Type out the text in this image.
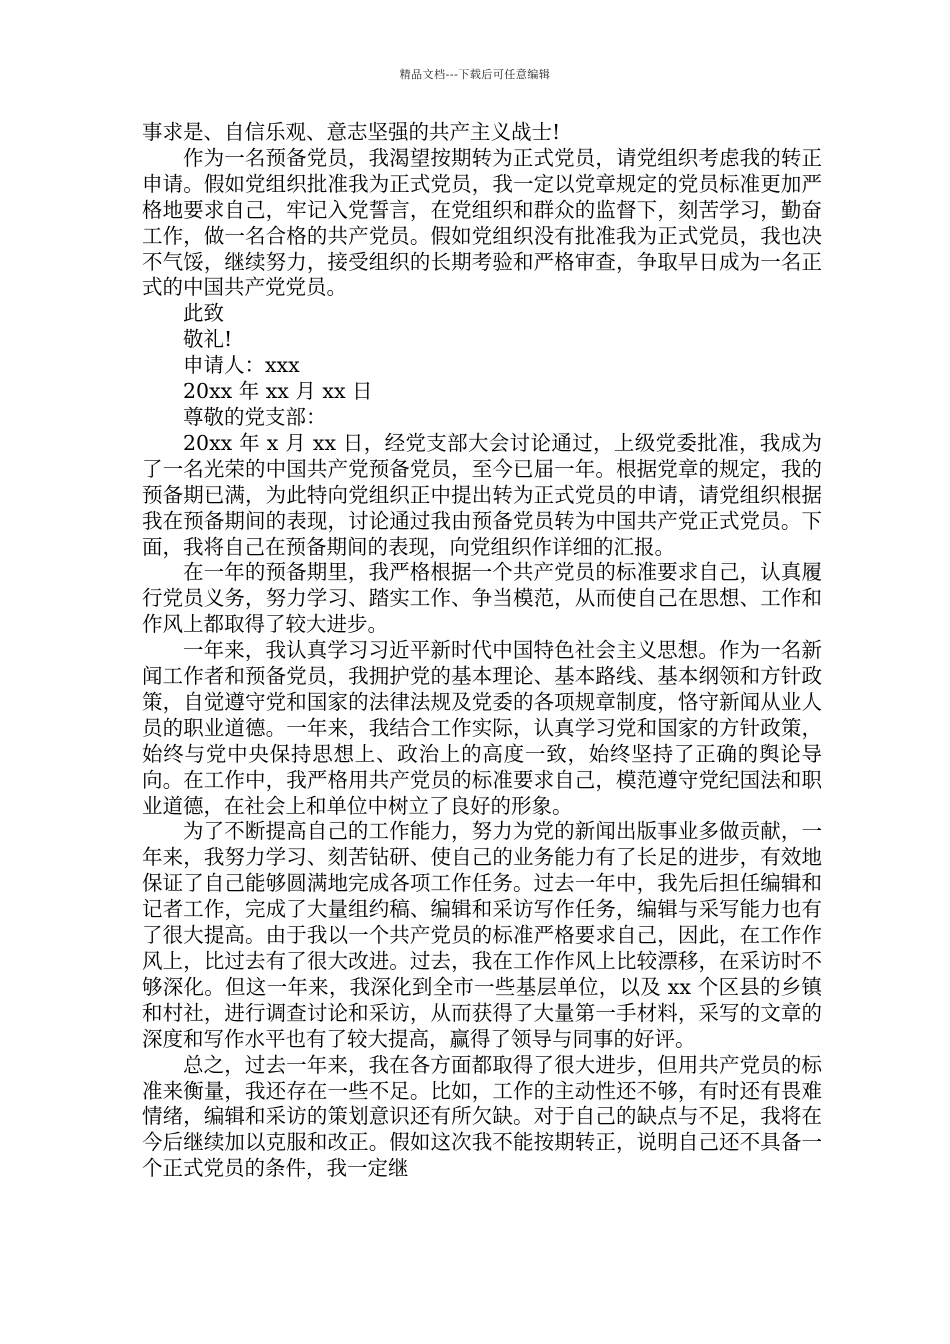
精品文档---下载后可任意编辑

事求是、自信乐观、意志坚强的共产主义战士!

作为一名预备党员，我渴望按期转为正式党员，请党组织考虑我的转正申请。假如党组织批准我为正式党员，我一定以党章规定的党员标准更加严格地要求自己，牢记入党誓言，在党组织和群众的监督下，刻苦学习，勤奋工作，做一名合格的共产党员。假如党组织没有批准我为正式党员，我也决不气馁，继续努力，接受组织的长期考验和严格审查，争取早日成为一名正式的中国共产党党员。

此致

敬礼!

申请人：xxx

20xx 年 xx 月 xx 日

尊敬的党支部：

20xx 年 x 月 xx 日，经党支部大会讨论通过，上级党委批准，我成为了一名光荣的中国共产党预备党员，至今已届一年。根据党章的规定，我的预备期已满，为此特向党组织正中提出转为正式党员的申请，请党组织根据我在预备期间的表现，讨论通过我由预备党员转为中国共产党正式党员。下面，我将自己在预备期间的表现，向党组织作详细的汇报。

在一年的预备期里，我严格根据一个共产党员的标准要求自己，认真履行党员义务，努力学习、踏实工作、争当模范，从而使自己在思想、工作和作风上都取得了较大进步。

一年来，我认真学习习近平新时代中国特色社会主义思想。作为一名新闻工作者和预备党员，我拥护党的基本理论、基本路线、基本纲领和方针政策，自觉遵守党和国家的法律法规及党委的各项规章制度，恪守新闻从业人员的职业道德。一年来，我结合工作实际，认真学习党和国家的方针政策，始终与党中央保持思想上、政治上的高度一致，始终坚持了正确的舆论导向。在工作中，我严格用共产党员的标准要求自己，模范遵守党纪国法和职业道德，在社会上和单位中树立了良好的形象。

为了不断提高自己的工作能力，努力为党的新闻出版事业多做贡献，一年来，我努力学习、刻苦钻研、使自己的业务能力有了长足的进步，有效地保证了自己能够圆满地完成各项工作任务。过去一年中，我先后担任编辑和记者工作，完成了大量组约稿、编辑和采访写作任务，编辑与采写能力也有了很大提高。由于我以一个共产党员的标准严格要求自己，因此，在工作作风上，比过去有了很大改进。过去，我在工作作风上比较漂移，在采访时不够深化。但这一年来，我深化到全市一些基层单位，以及 xx 个区县的乡镇和村社，进行调查讨论和采访，从而获得了大量第一手材料，采写的文章的深度和写作水平也有了较大提高，赢得了领导与同事的好评。

总之，过去一年来，我在各方面都取得了很大进步，但用共产党员的标准来衡量，我还存在一些不足。比如，工作的主动性还不够，有时还有畏难情绪，编辑和采访的策划意识还有所欠缺。对于自己的缺点与不足，我将在今后继续加以克服和改正。假如这次我不能按期转正，说明自己还不具备一个正式党员的条件，我一定继
